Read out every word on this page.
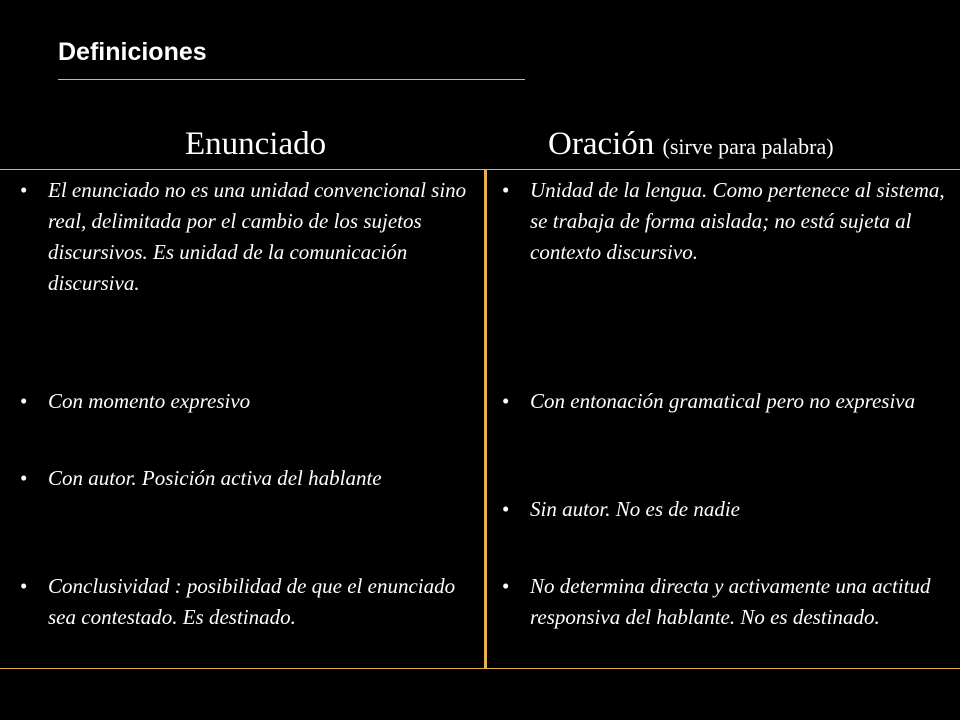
Definiciones
Enunciado	Oración (sirve para palabra)
• El enunciado no es una unidad convencional sino real, delimitada por el cambio de los sujetos discursivos. Es unidad de la comunicación discursiva.
• Con momento expresivo
• Con autor. Posición activa del hablante
• Conclusividad : posibilidad de que el enunciado sea contestado. Es destinado.
• Unidad de la lengua. Como pertenece al sistema, se trabaja de forma aislada; no está sujeta al contexto discursivo.
• Con entonación gramatical pero no expresiva
• Sin autor. No es de nadie
• No determina directa y activamente una actitud responsiva del hablante. No es destinado.
